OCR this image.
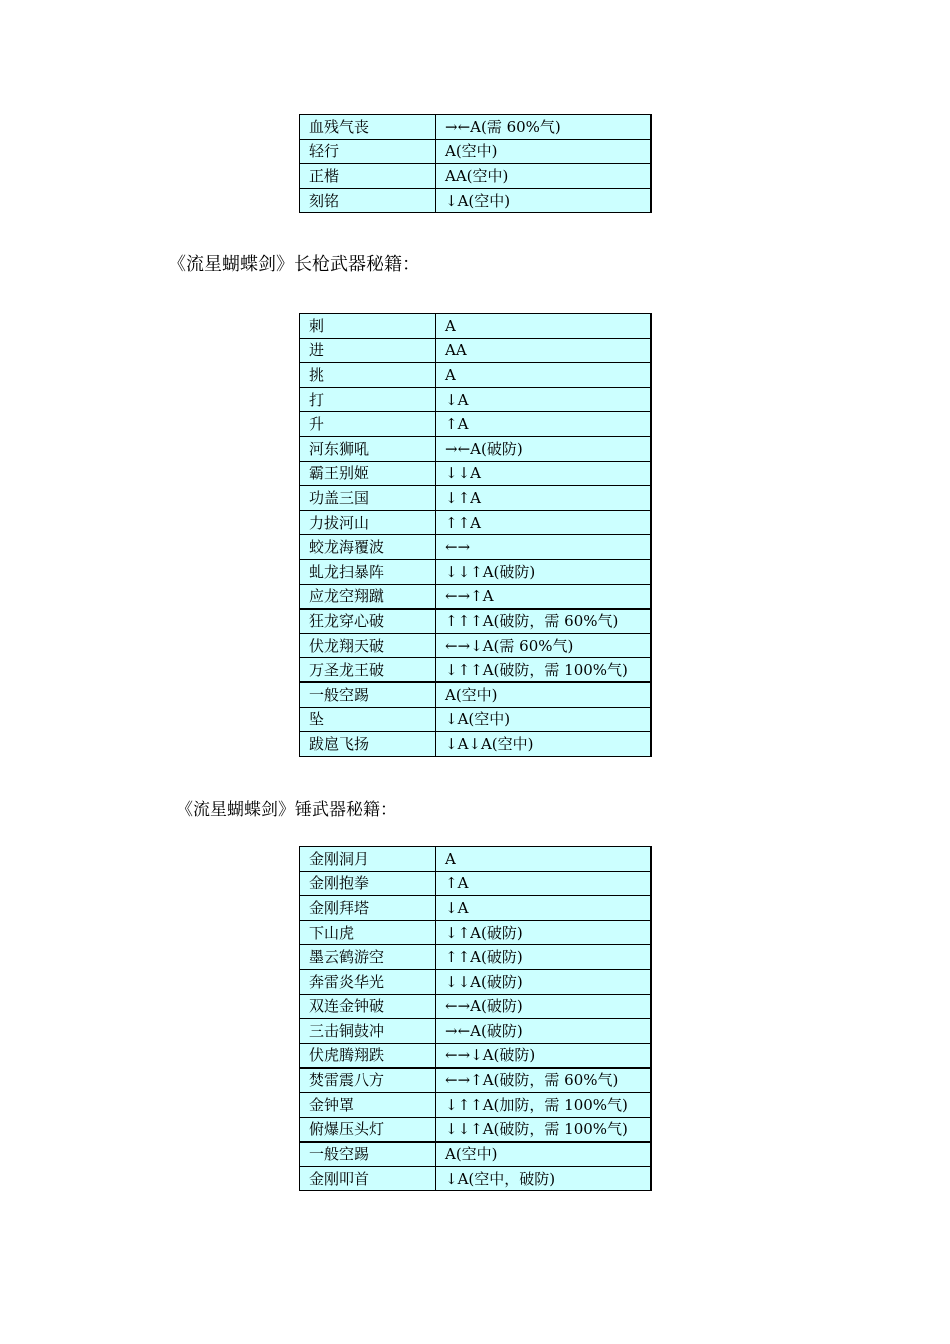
血残气丧	→←A(需 60%气)
轻行	A(空中)
正楷	AA(空中)
刻铭	↓A(空中)
《流星蝴蝶剑》长枪武器秘籍：
刺	A
进	AA
挑	A
打	↓A
升	↑A
河东狮吼	→←A(破防)
霸王别姬	↓↓A
功盖三国	↓↑A
力拔河山	↑↑A
蛟龙海覆波	←→
虬龙扫暴阵	↓↓↑A(破防)
应龙空翔蹴	←→↑A
狂龙穿心破	↑↑↑A(破防，需 60%气)
伏龙翔天破	←→↓A(需 60%气)
万圣龙王破	↓↑↑A(破防，需 100%气)
一般空踢	A(空中)
坠	↓A(空中)
跋扈飞扬	↓A↓A(空中)
《流星蝴蝶剑》锤武器秘籍：
金刚洞月	A
金刚抱拳	↑A
金刚拜塔	↓A
下山虎	↓↑A(破防)
墨云鹤游空	↑↑A(破防)
奔雷炎华光	↓↓A(破防)
双连金钟破	←→A(破防)
三击铜鼓冲	→←A(破防)
伏虎腾翔跌	←→↓A(破防)
焚雷震八方	←→↑A(破防，需 60%气)
金钟罩	↓↑↑A(加防，需 100%气)
俯爆压头灯	↓↓↑A(破防，需 100%气)
一般空踢	A(空中)
金刚叩首	↓A(空中，破防)
